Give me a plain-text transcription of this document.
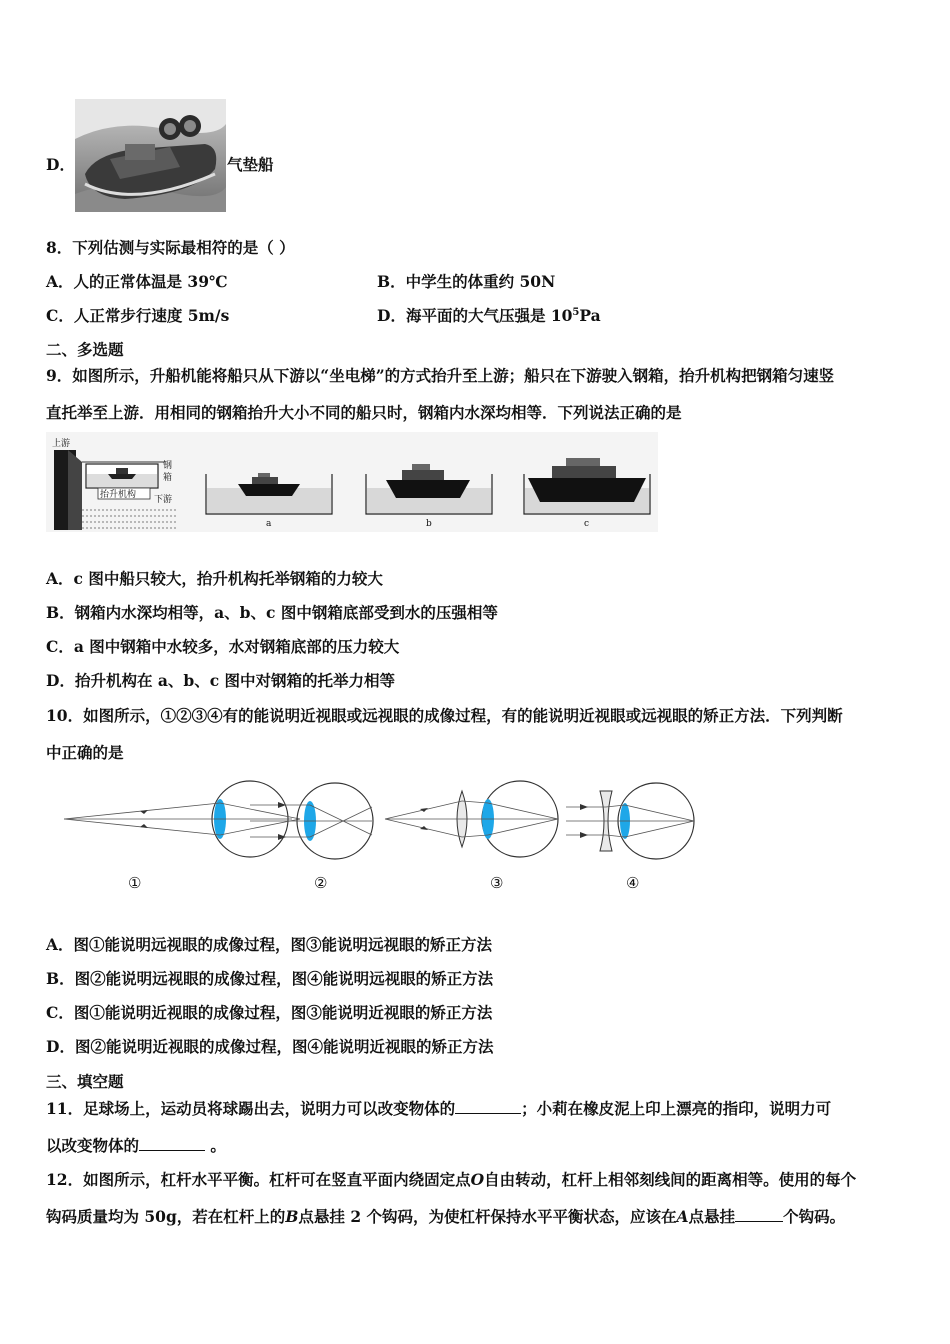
D．	气垫船
8．下列估测与实际最相符的是（ ）
A．人的正常体温是 39℃	B．中学生的体重约 50N
C．人正常步行速度 5m/s	D．海平面的大气压强是 $10^5Pa$
二、多选题
9．如图所示，升船机能将船只从下游以“坐电梯”的方式抬升至上游；船只在下游驶入钢箱，抬升机构把钢箱匀速竖
直托举至上游．用相同的钢箱抬升大小不同的船只时，钢箱内水深均相等．下列说法正确的是
上游
钢
箱
抬升机构 下游
a	b	c
A．c 图中船只较大，抬升机构托举钢箱的力较大
B．钢箱内水深均相等，a、b、c 图中钢箱底部受到水的压强相等
C．a 图中钢箱中水较多，水对钢箱底部的压力较大
D．抬升机构在 a、b、c 图中对钢箱的托举力相等
10．如图所示，①②③④有的能说明近视眼或远视眼的成像过程，有的能说明近视眼或远视眼的矫正方法．下列判断
中正确的是
①	②	③	④
A．图①能说明远视眼的成像过程，图③能说明远视眼的矫正方法
B．图②能说明远视眼的成像过程，图④能说明远视眼的矫正方法
C．图①能说明近视眼的成像过程，图③能说明近视眼的矫正方法
D．图②能说明近视眼的成像过程，图④能说明近视眼的矫正方法
三、填空题
11．足球场上，运动员将球踢出去，说明力可以改变物体的	；小莉在橡皮泥上印上漂亮的指印，说明力可
以改变物体的	。
12．如图所示，杠杆水平平衡。杠杆可在竖直平面内绕固定点O自由转动，杠杆上相邻刻线间的距离相等。使用的每个
钩码质量均为 50g，若在杠杆上的B点悬挂 2 个钩码，为使杠杆保持水平平衡状态，应该在A点悬挂	个钩码。
